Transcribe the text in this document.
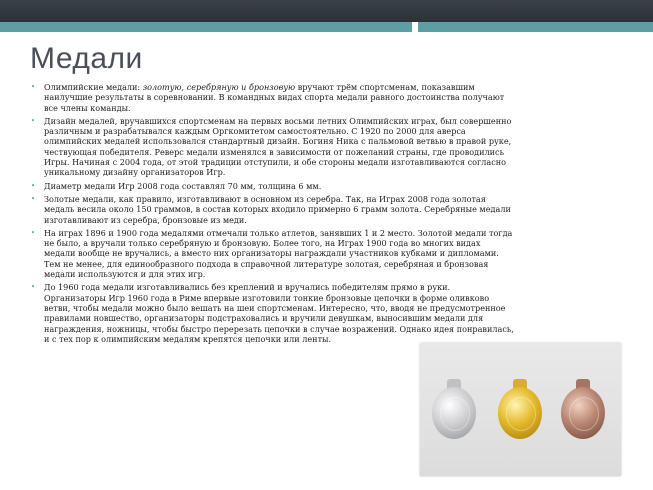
Медали
• Олимпийские медали: золотую, серебряную и бронзовую вручают трём спортсменам, показавшим наилучшие результаты в соревновании. В командных видах спорта медали равного достоинства получают все члены команды.
• Дизайн медалей, вручавшихся спортсменам на первых восьми летних Олимпийских играх, был совершенно различным и разрабатывался каждым Оргкомитетом самостоятельно. С 1920 по 2000 для аверса олимпийских медалей использовался стандартный дизайн. Богиня Ника с пальмовой ветвью в правой руке, чествующая победителя. Реверс медали изменялся в зависимости от пожеланий страны, где проводились Игры. Начиная с 2004 года, от этой традиции отступили, и обе стороны медали изготавливаются согласно уникальному дизайну организаторов Игр.
• Диаметр медали Игр 2008 года составлял 70 мм, толщина 6 мм.
• Золотые медали, как правило, изготавливают в основном из серебра. Так, на Играх 2008 года золотая медаль весила около 150 граммов, в состав которых входило примерно 6 грамм золота. Серебряные медали изготавливают из серебра, бронзовые из меди.
• На играх 1896 и 1900 года медалями отмечали только атлетов, занявших 1 и 2 место. Золотой медали тогда не было, а вручали только серебряную и бронзовую. Более того, на Играх 1900 года во многих видах медали вообще не вручались, а вместо них организаторы награждали участников кубками и дипломами. Тем не менее, для единообразного подхода в справочной литературе золотая, серебряная и бронзовая медали используются и для этих игр.
• До 1960 года медали изготавливались без креплений и вручались победителям прямо в руки. Организаторы Игр 1960 года в Риме впервые изготовили тонкие бронзовые цепочки в форме оливково ветви, чтобы медали можно было вешать на шеи спортсменам. Интересно, что, вводя не предусмотренное правилами новшество, организаторы подстраховались и вручили девушкам, выносившим медали для награждения, ножницы, чтобы быстро перерезать цепочки в случае возражений. Однако идея понравилась, и с тех пор к олимпийским медалям крепятся цепочки или ленты.
